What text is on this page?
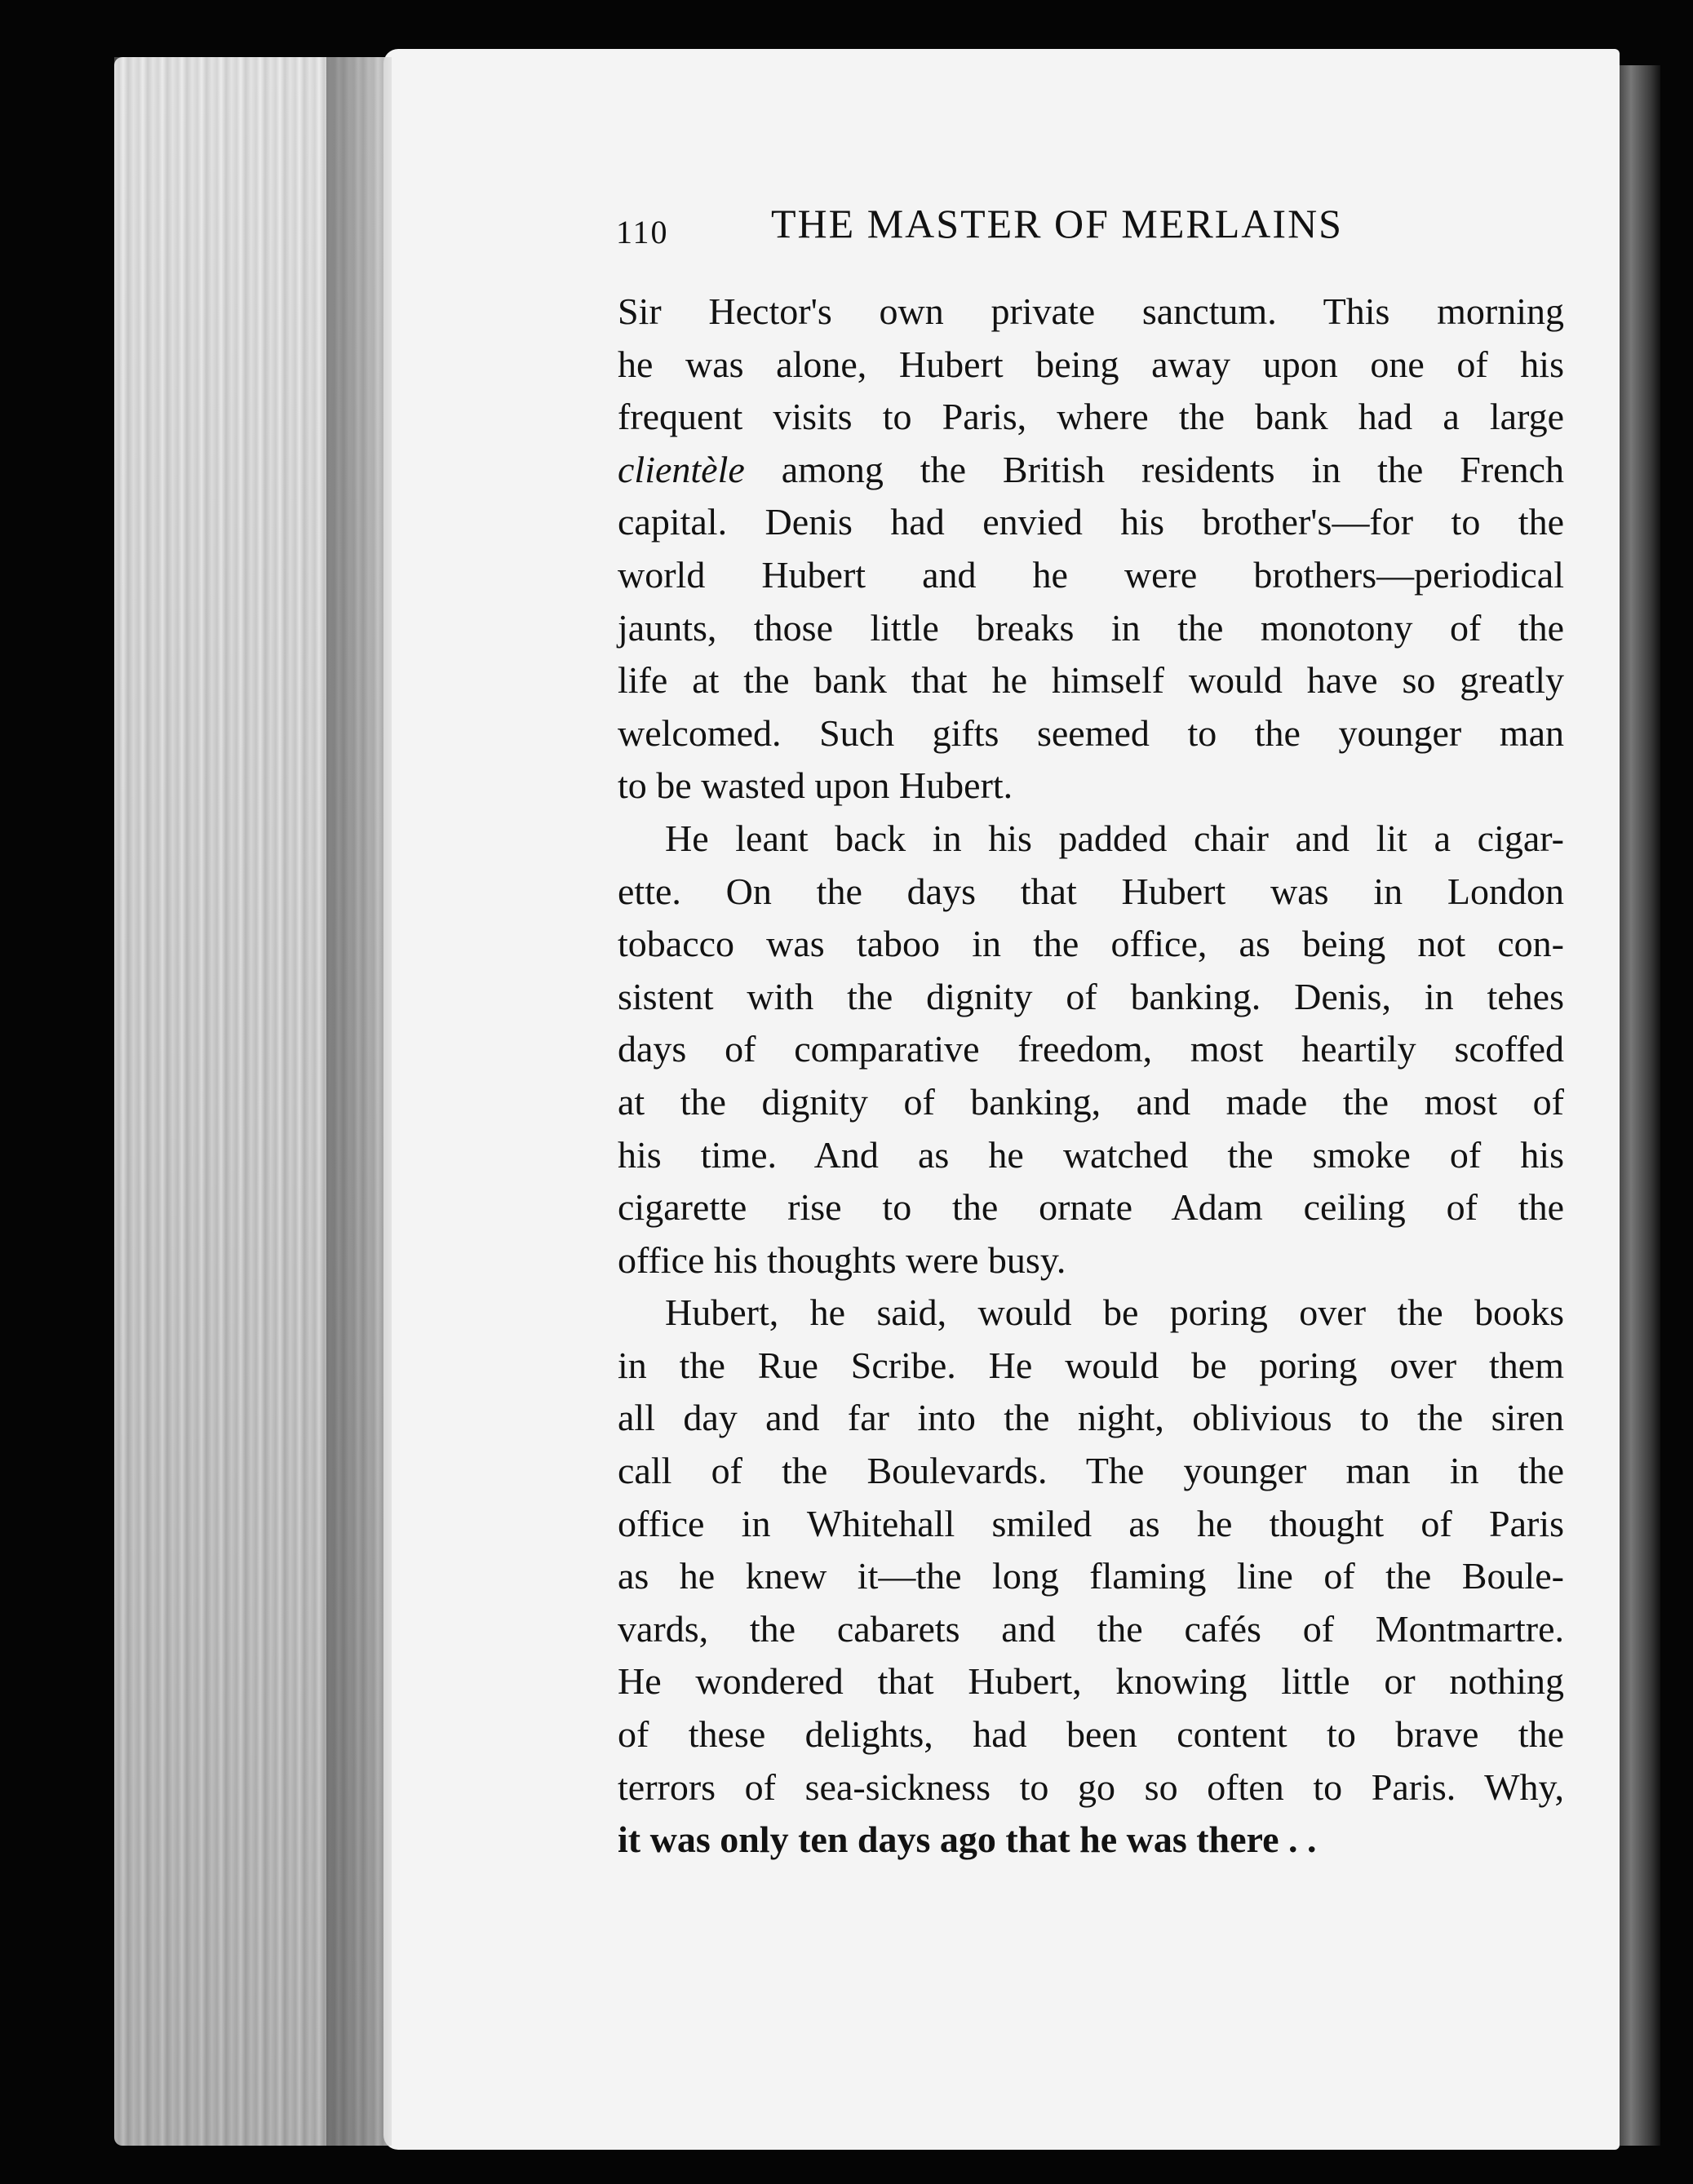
110	THE MASTER OF MERLAINS
Sir Hector's own private sanctum. This morning
he was alone, Hubert being away upon one of his
frequent visits to Paris, where the bank had a large
clientèle among the British residents in the French
capital. Denis had envied his brother's—for to the
world Hubert and he were brothers—periodical
jaunts, those little breaks in the monotony of the
life at the bank that he himself would have so greatly
welcomed. Such gifts seemed to the younger man
to be wasted upon Hubert.
He leant back in his padded chair and lit a cigar-
ette. On the days that Hubert was in London
tobacco was taboo in the office, as being not con-
sistent with the dignity of banking. Denis, in tehes
days of comparative freedom, most heartily scoffed
at the dignity of banking, and made the most of
his time. And as he watched the smoke of his
cigarette rise to the ornate Adam ceiling of the
office his thoughts were busy.
Hubert, he said, would be poring over the books
in the Rue Scribe. He would be poring over them
all day and far into the night, oblivious to the siren
call of the Boulevards. The younger man in the
office in Whitehall smiled as he thought of Paris
as he knew it—the long flaming line of the Boule-
vards, the cabarets and the cafés of Montmartre.
He wondered that Hubert, knowing little or nothing
of these delights, had been content to brave the
terrors of sea-sickness to go so often to Paris. Why,
it was only ten days ago that he was there . .
